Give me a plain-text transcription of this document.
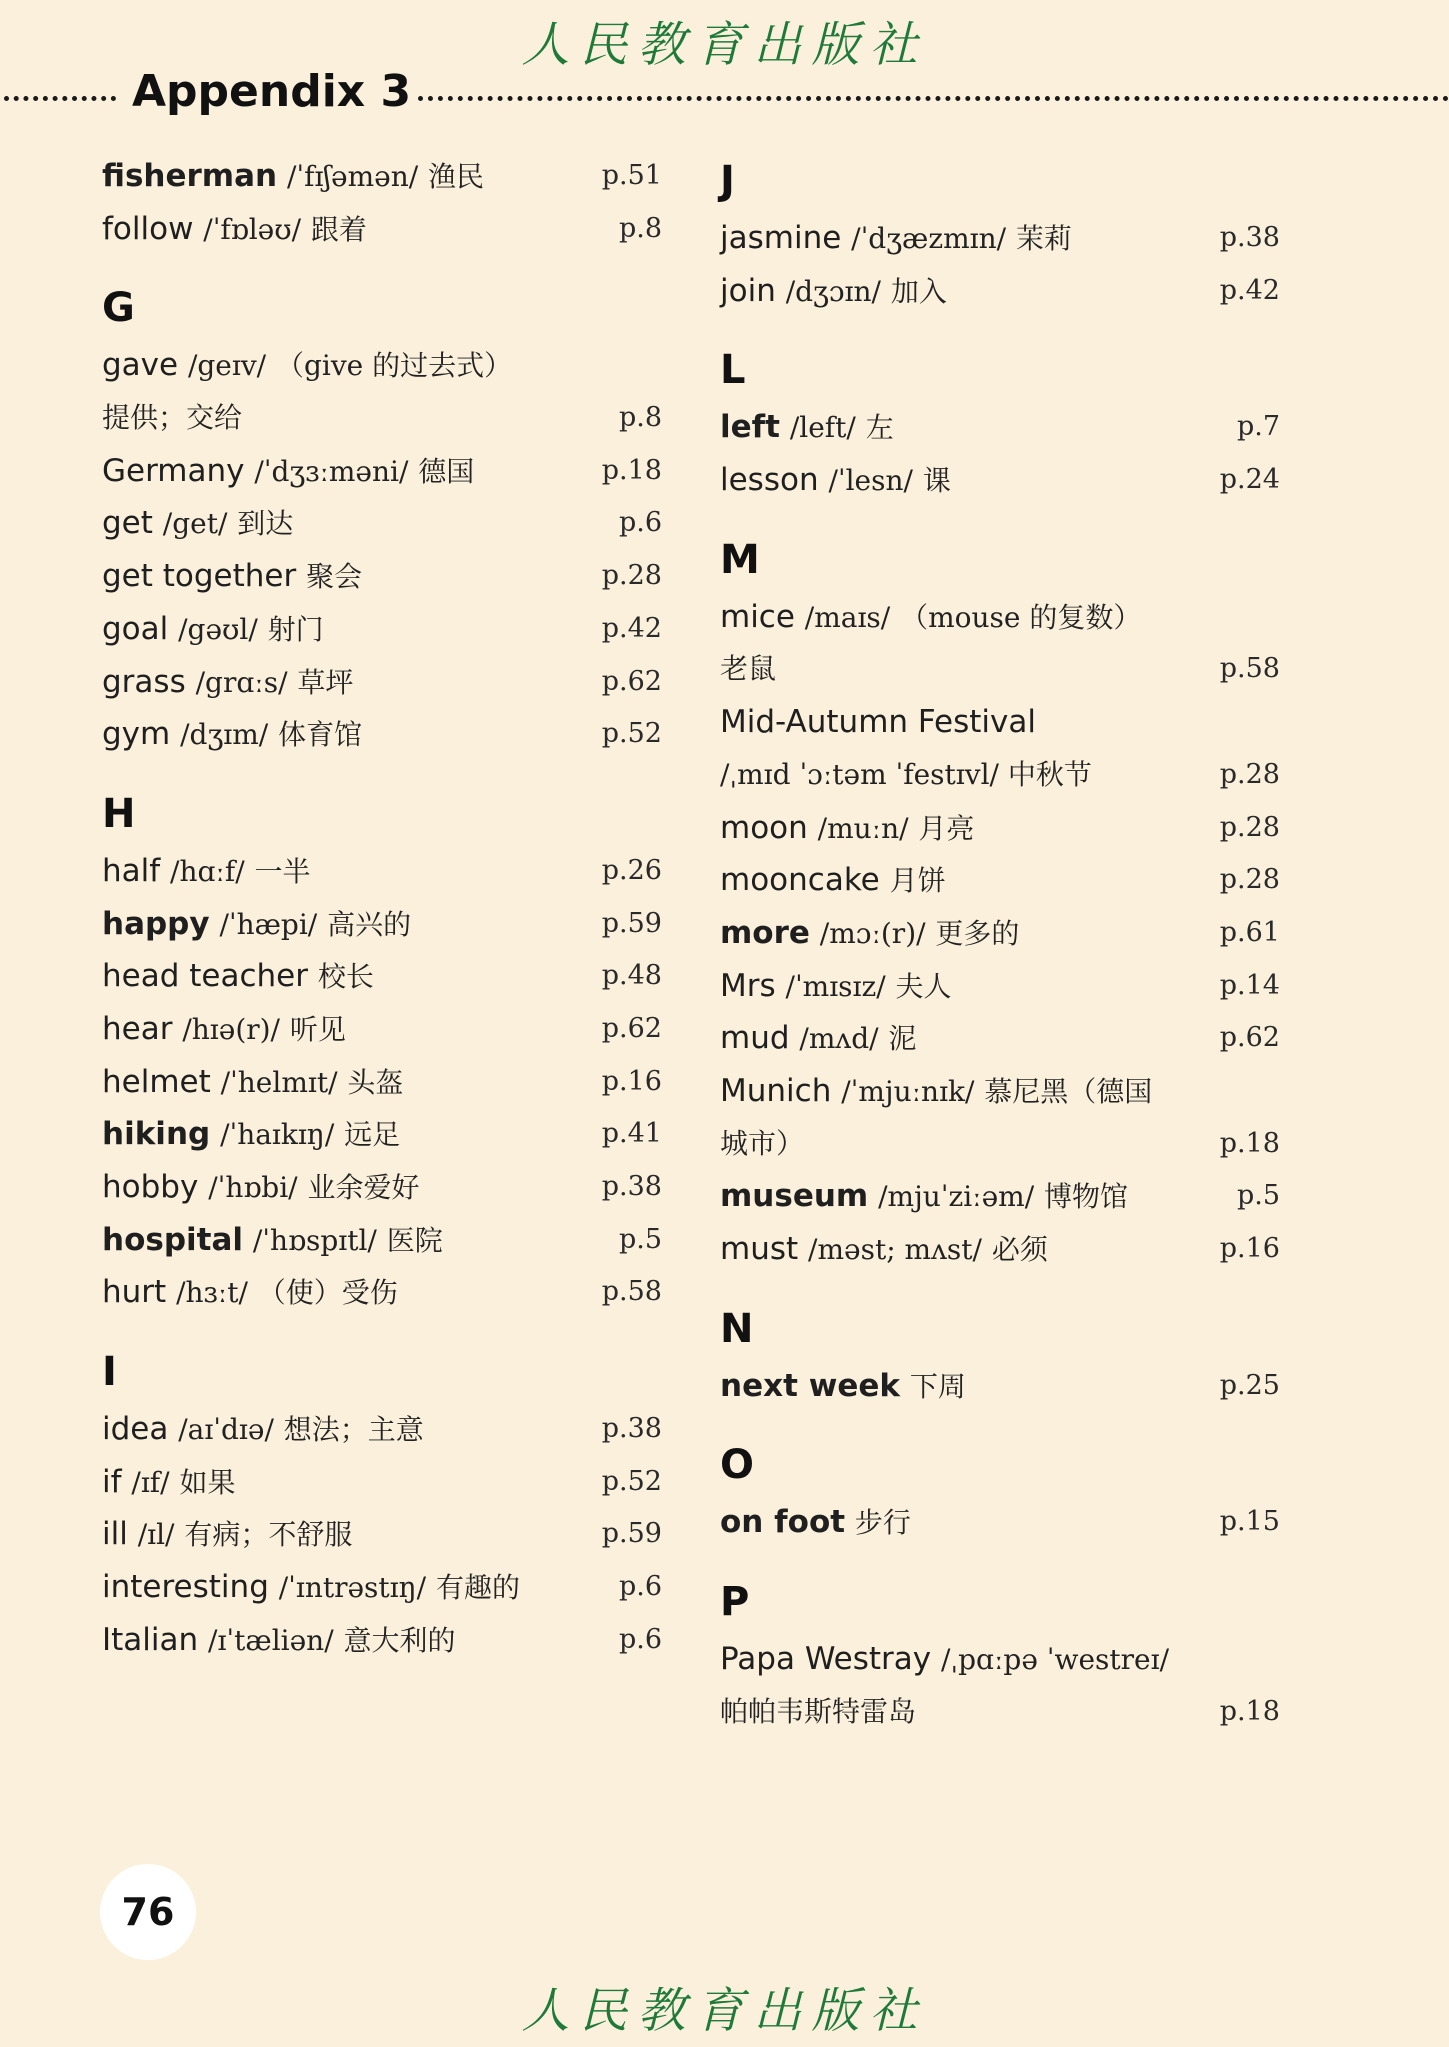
人民教育出版社
Appendix 3
fisherman /ˈfɪʃəmən/ 渔民	p.51
follow /ˈfɒləʊ/ 跟着	p.8
G
gave /geɪv/ （give 的过去式）
提供；交给	p.8
Germany /ˈdʒɜːməni/ 德国	p.18
get /get/ 到达	p.6
get together 聚会	p.28
goal /gəʊl/ 射门	p.42
grass /grɑːs/ 草坪	p.62
gym /dʒɪm/ 体育馆	p.52
H
half /hɑːf/ 一半	p.26
happy /ˈhæpi/ 高兴的	p.59
head teacher 校长	p.48
hear /hɪə(r)/ 听见	p.62
helmet /ˈhelmɪt/ 头盔	p.16
hiking /ˈhaɪkɪŋ/ 远足	p.41
hobby /ˈhɒbi/ 业余爱好	p.38
hospital /ˈhɒspɪtl/ 医院	p.5
hurt /hɜːt/ （使）受伤	p.58
I
idea /aɪˈdɪə/ 想法；主意	p.38
if /ɪf/ 如果	p.52
ill /ɪl/ 有病；不舒服	p.59
interesting /ˈɪntrəstɪŋ/ 有趣的	p.6
Italian /ɪˈtæliən/ 意大利的	p.6
J
jasmine /ˈdʒæzmɪn/ 茉莉	p.38
join /dʒɔɪn/ 加入	p.42
L
left /left/ 左	p.7
lesson /ˈlesn/ 课	p.24
M
mice /maɪs/ （mouse 的复数）
老鼠	p.58
Mid-Autumn Festival
/ˌmɪd ˈɔːtəm ˈfestɪvl/ 中秋节	p.28
moon /muːn/ 月亮	p.28
mooncake 月饼	p.28
more /mɔː(r)/ 更多的	p.61
Mrs /ˈmɪsɪz/ 夫人	p.14
mud /mʌd/ 泥	p.62
Munich /ˈmjuːnɪk/ 慕尼黑（德国
城市）	p.18
museum /mjuˈziːəm/ 博物馆	p.5
must /məst; mʌst/ 必须	p.16
N
next week 下周	p.25
O
on foot 步行	p.15
P
Papa Westray /ˌpɑːpə ˈwestreɪ/
帕帕韦斯特雷岛	p.18
76
人民教育出版社
